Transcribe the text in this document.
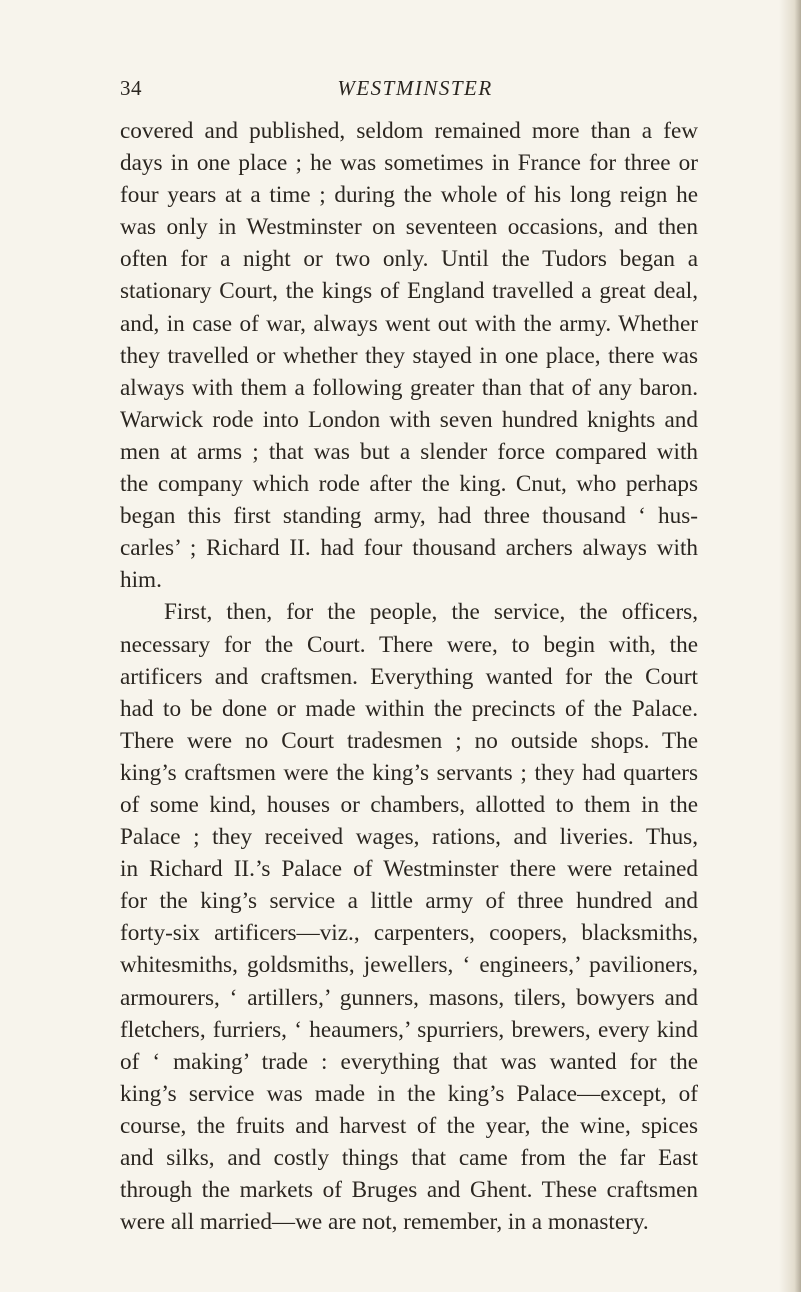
34	WESTMINSTER
covered and published, seldom remained more than a few
days in one place ; he was sometimes in France for three or
four years at a time ; during the whole of his long reign he
was only in Westminster on seventeen occasions, and then
often for a night or two only. Until the Tudors began a
stationary Court, the kings of England travelled a great deal,
and, in case of war, always went out with the army. Whether
they travelled or whether they stayed in one place, there was
always with them a following greater than that of any baron.
Warwick rode into London with seven hundred knights and
men at arms ; that was but a slender force compared with
the company which rode after the king. Cnut, who perhaps
began this first standing army, had three thousand ‘ hus-
carles’ ; Richard II. had four thousand archers always with
him.
First, then, for the people, the service, the officers,
necessary for the Court. There were, to begin with, the
artificers and craftsmen. Everything wanted for the Court
had to be done or made within the precincts of the Palace.
There were no Court tradesmen ; no outside shops. The
king’s craftsmen were the king’s servants ; they had quarters
of some kind, houses or chambers, allotted to them in the
Palace ; they received wages, rations, and liveries. Thus,
in Richard II.’s Palace of Westminster there were retained
for the king’s service a little army of three hundred and
forty-six artificers—viz., carpenters, coopers, blacksmiths,
whitesmiths, goldsmiths, jewellers, ‘ engineers,’ pavilioners,
armourers, ‘ artillers,’ gunners, masons, tilers, bowyers and
fletchers, furriers, ‘ heaumers,’ spurriers, brewers, every kind
of ‘ making’ trade : everything that was wanted for the
king’s service was made in the king’s Palace—except, of
course, the fruits and harvest of the year, the wine, spices
and silks, and costly things that came from the far East
through the markets of Bruges and Ghent. These craftsmen
were all married—we are not, remember, in a monastery.
